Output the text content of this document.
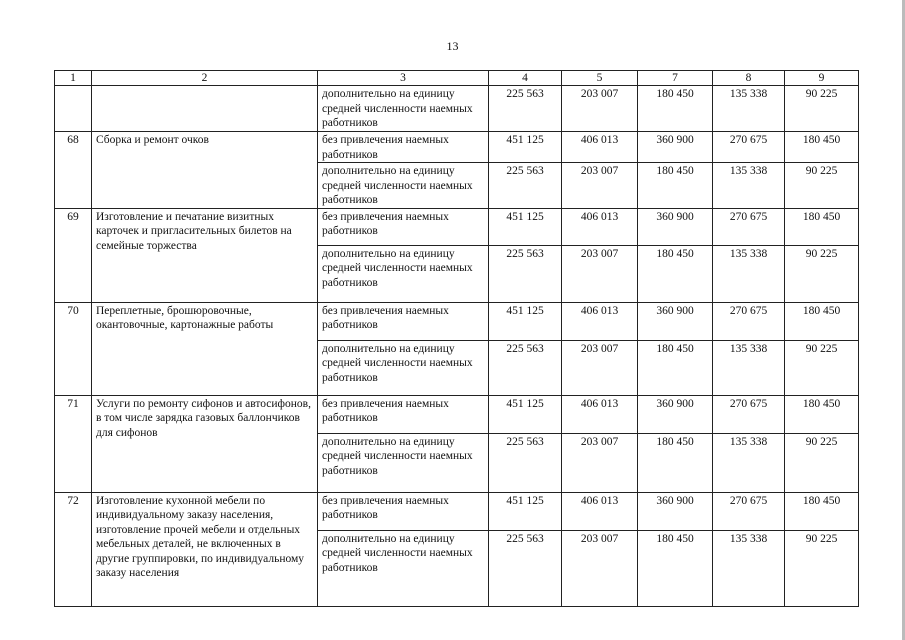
13
1	2	3	4	5	7	8	9
		дополнительно на единицу средней численности наемных работников	225 563	203 007	180 450	135 338	90 225
68	Сборка и ремонт очков	без привлечения наемных работников	451 125	406 013	360 900	270 675	180 450
		дополнительно на единицу средней численности наемных работников	225 563	203 007	180 450	135 338	90 225
69	Изготовление и печатание визитных карточек и пригласительных билетов на семейные торжества	без привлечения наемных работников	451 125	406 013	360 900	270 675	180 450
		дополнительно на единицу средней численности наемных работников	225 563	203 007	180 450	135 338	90 225
70	Переплетные, брошюровочные, окантовочные, картонажные работы	без привлечения наемных работников	451 125	406 013	360 900	270 675	180 450
		дополнительно на единицу средней численности наемных работников	225 563	203 007	180 450	135 338	90 225
71	Услуги по ремонту сифонов и автосифонов, в том числе зарядка газовых баллончиков для сифонов	без привлечения наемных работников	451 125	406 013	360 900	270 675	180 450
		дополнительно на единицу средней численности наемных работников	225 563	203 007	180 450	135 338	90 225
72	Изготовление кухонной мебели по индивидуальному заказу населения, изготовление прочей мебели и отдельных мебельных деталей, не включенных в другие группировки, по индивидуальному заказу населения	без привлечения наемных работников	451 125	406 013	360 900	270 675	180 450
		дополнительно на единицу средней численности наемных работников	225 563	203 007	180 450	135 338	90 225
